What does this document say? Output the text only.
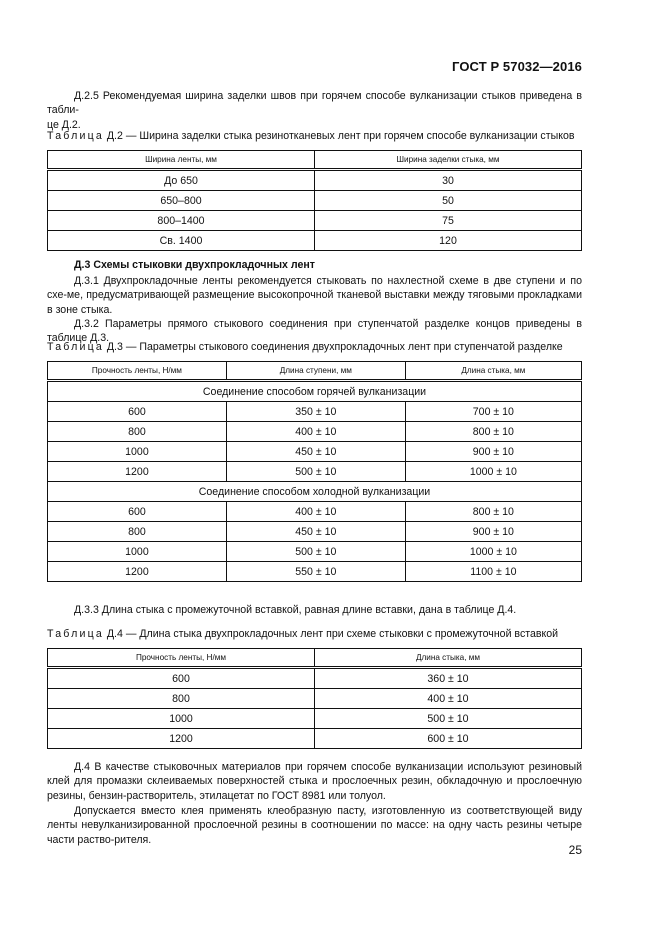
ГОСТ Р 57032—2016
Д.2.5 Рекомендуемая ширина заделки швов при горячем способе вулканизации стыков приведена в табли-
це Д.2.
Таблица Д.2 — Ширина заделки стыка резинотканевых лент при горячем способе вулканизации стыков
Ширина ленты, мм	Ширина заделки стыка, мм
До 650	30
650–800	50
800–1400	75
Св. 1400	120
Д.3 Схемы стыковки двухпрокладочных лент
Д.3.1 Двухпрокладочные ленты рекомендуется стыковать по нахлестной схеме в две ступени и по схе-ме, предусматривающей размещение высокопрочной тканевой выставки между тяговыми прокладками в зоне стыка.
Д.3.2 Параметры прямого стыкового соединения при ступенчатой разделке концов приведены в таблице Д.3.
Таблица Д.3 — Параметры стыкового соединения двухпрокладочных лент при ступенчатой разделке
Прочность ленты, Н/мм	Длина ступени, мм	Длина стыка, мм
Соединение способом горячей вулканизации		
600	350 ± 10	700 ± 10
800	400 ± 10	800 ± 10
1000	450 ± 10	900 ± 10
1200	500 ± 10	1000 ± 10
Соединение способом холодной вулканизации		
600	400 ± 10	800 ± 10
800	450 ± 10	900 ± 10
1000	500 ± 10	1000 ± 10
1200	550 ± 10	1100 ± 10
Д.3.3 Длина стыка с промежуточной вставкой, равная длине вставки, дана в таблице Д.4.
Таблица Д.4 — Длина стыка двухпрокладочных лент при схеме стыковки с промежуточной вставкой
Прочность ленты, Н/мм	Длина стыка, мм
600	360 ± 10
800	400 ± 10
1000	500 ± 10
1200	600 ± 10
Д.4 В качестве стыковочных материалов при горячем способе вулканизации используют резиновый клей для промазки склеиваемых поверхностей стыка и прослоечных резин, обкладочную и прослоечную резины, бензин-растворитель, этилацетат по ГОСТ 8981 или толуол.
Допускается вместо клея применять клеобразную пасту, изготовленную из соответствующей виду ленты невулканизированной прослоечной резины в соотношении по массе: на одну часть резины четыре части раство-рителя.
25
